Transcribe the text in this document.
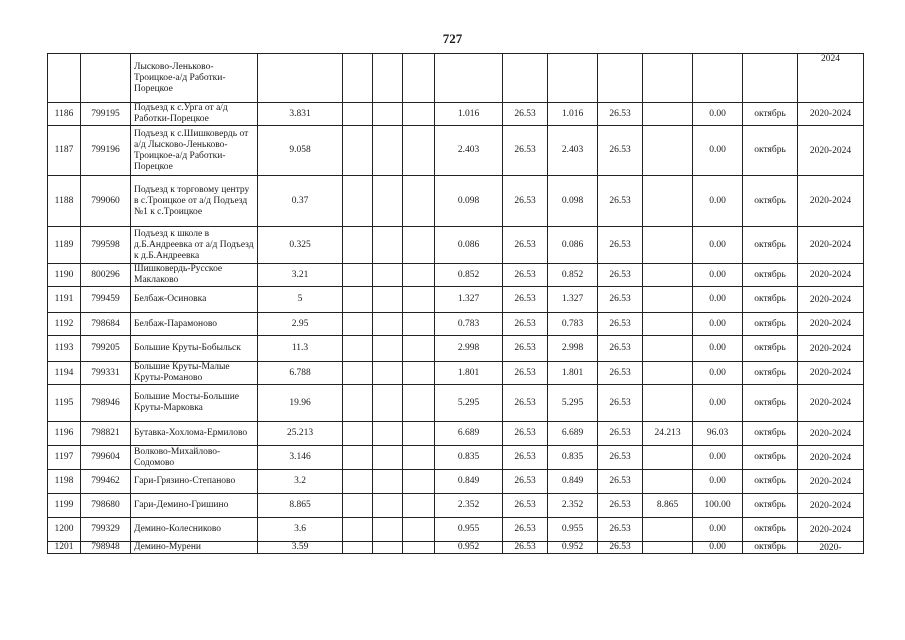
727
		Лысково-Леньково-Троицкое-а/д Работки-Порецкое												2024
1186	799195	Подъезд к с.Урга от а/д Работки-Порецкое	3.831				1.016	26.53	1.016	26.53		0.00	октябрь	2020-2024
1187	799196	Подъезд к с.Шишковердь от а/д Лысково-Леньково-Троицкое-а/д Работки-Порецкое	9.058				2.403	26.53	2.403	26.53		0.00	октябрь	2020-2024
1188	799060	Подъезд к торговому центру в с.Троицкое от а/д Подъезд №1 к с.Троицкое	0.37				0.098	26.53	0.098	26.53		0.00	октябрь	2020-2024
1189	799598	Подъезд к школе в д.Б.Андреевка от а/д Подъезд к д.Б.Андреевка	0.325				0.086	26.53	0.086	26.53		0.00	октябрь	2020-2024
1190	800296	Шишковердь-Русское Маклаково	3.21				0.852	26.53	0.852	26.53		0.00	октябрь	2020-2024
1191	799459	Белбаж-Осиновка	5				1.327	26.53	1.327	26.53		0.00	октябрь	2020-2024
1192	798684	Белбаж-Парамоново	2.95				0.783	26.53	0.783	26.53		0.00	октябрь	2020-2024
1193	799205	Большие Круты-Бобыльск	11.3				2.998	26.53	2.998	26.53		0.00	октябрь	2020-2024
1194	799331	Большие Круты-Малые Круты-Романово	6.788				1.801	26.53	1.801	26.53		0.00	октябрь	2020-2024
1195	798946	Большие Мосты-Большие Круты-Марковка	19.96				5.295	26.53	5.295	26.53		0.00	октябрь	2020-2024
1196	798821	Бутавка-Хохлома-Ермилово	25.213				6.689	26.53	6.689	26.53	24.213	96.03	октябрь	2020-2024
1197	799604	Волково-Михайлово-Содомово	3.146				0.835	26.53	0.835	26.53		0.00	октябрь	2020-2024
1198	799462	Гари-Грязино-Степаново	3.2				0.849	26.53	0.849	26.53		0.00	октябрь	2020-2024
1199	798680	Гари-Демино-Гришино	8.865				2.352	26.53	2.352	26.53	8.865	100.00	октябрь	2020-2024
1200	799329	Демино-Колесниково	3.6				0.955	26.53	0.955	26.53		0.00	октябрь	2020-2024
1201	798948	Демино-Мурени	3.59				0.952	26.53	0.952	26.53		0.00	октябрь	2020-
